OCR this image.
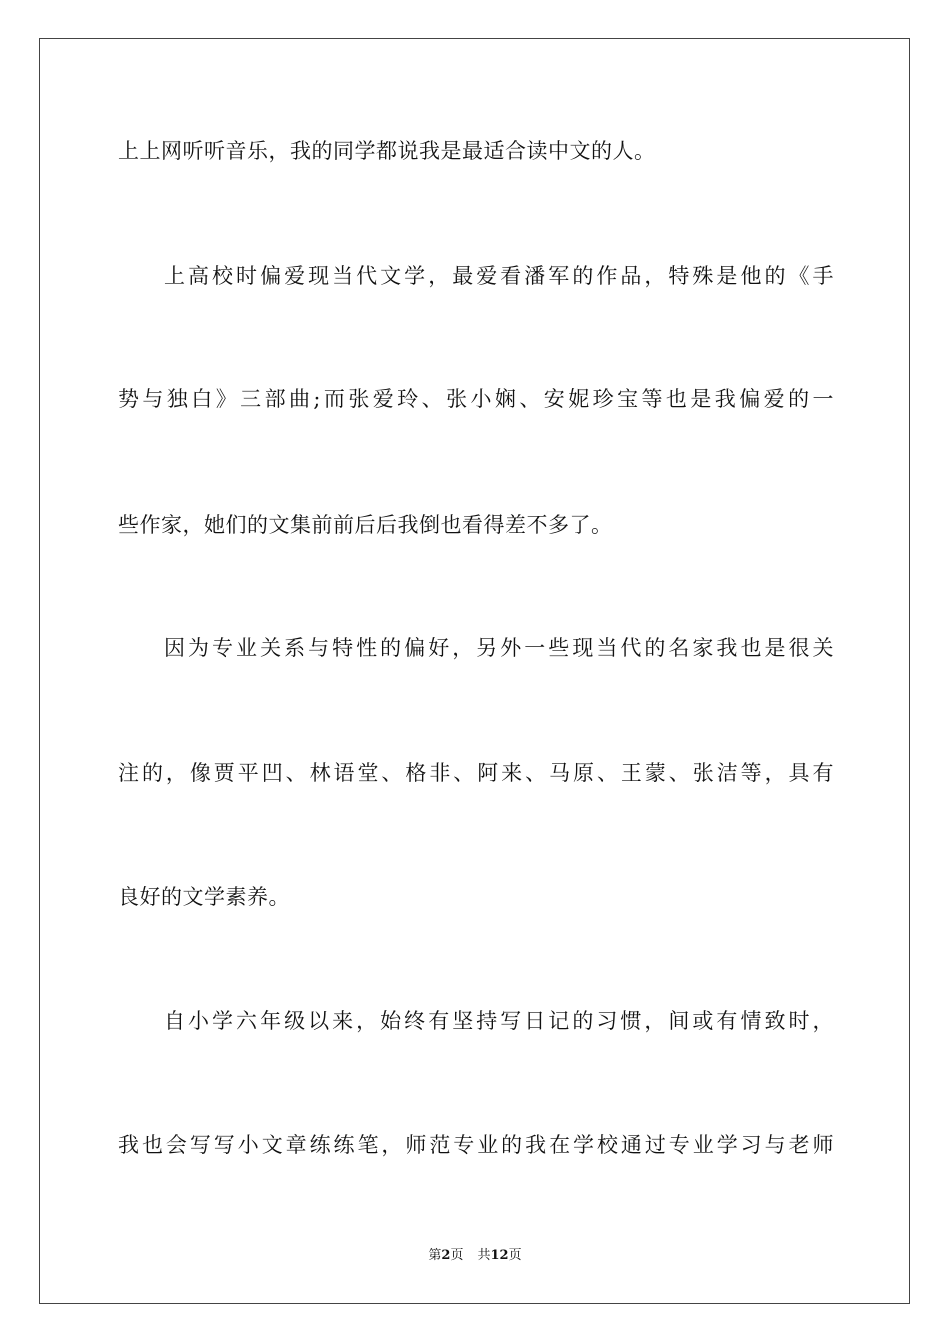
上上网听听音乐，我的同学都说我是最适合读中文的人。
上高校时偏爱现当代文学，最爱看潘军的作品，特殊是他的《手
势与独白》三部曲;而张爱玲、张小娴、安妮珍宝等也是我偏爱的一
些作家，她们的文集前前后后我倒也看得差不多了。
因为专业关系与特性的偏好，另外一些现当代的名家我也是很关
注的，像贾平凹、林语堂、格非、阿来、马原、王蒙、张洁等，具有
良好的文学素养。
自小学六年级以来，始终有坚持写日记的习惯，间或有情致时，
我也会写写小文章练练笔，师范专业的我在学校通过专业学习与老师
第2页 共12页
